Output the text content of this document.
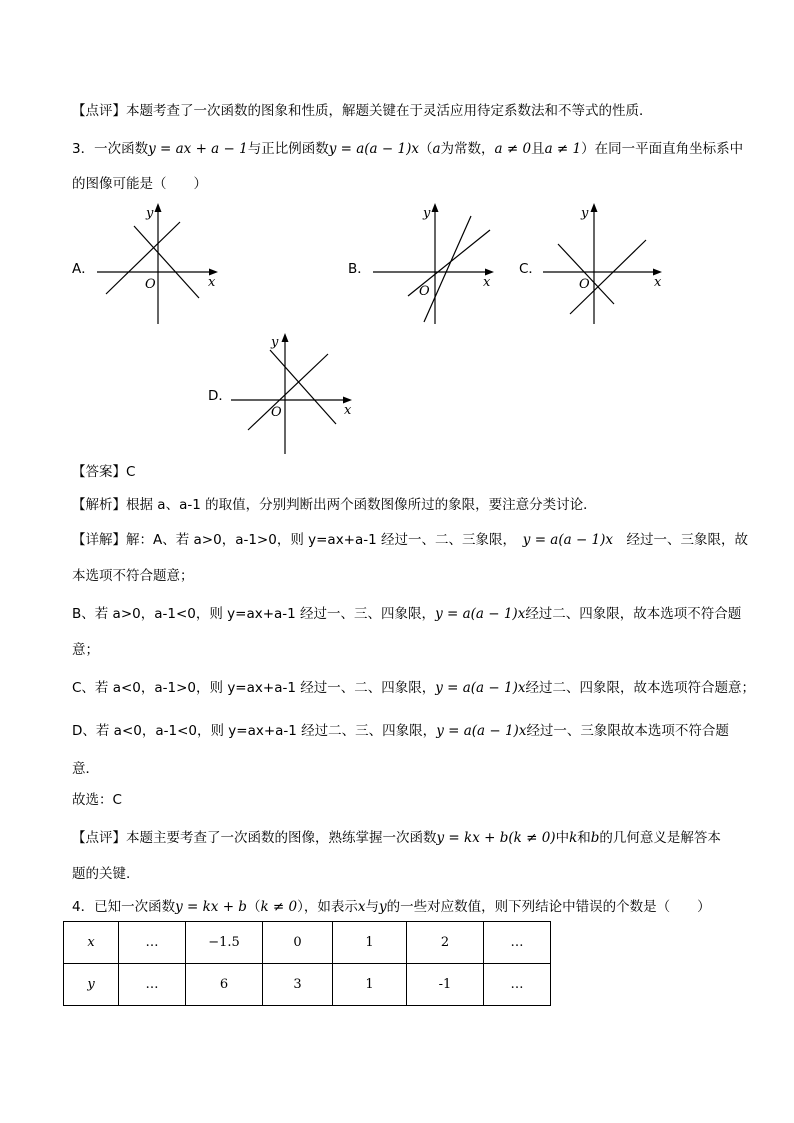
【点评】本题考查了一次函数的图象和性质，解题关键在于灵活应用待定系数法和不等式的性质．
3．一次函数y = ax + a − 1与正比例函数y = a(a − 1)x（a为常数，a ≠ 0且a ≠ 1）在同一平面直角坐标系中
的图像可能是（　　）
A．
y
x
O
B．
y
x
O
C．
y
x
O
D．
y
x
O
【答案】C
【解析】根据 a、a-1 的取值，分别判断出两个函数图像所过的象限，要注意分类讨论．
【详解】解：A、若 a>0，a-1>0，则 y=ax+a-1 经过一、二、三象限，　 y = a(a − 1)x　 经过一、三象限，故
本选项不符合题意；
B、若 a>0，a-1<0，则 y=ax+a-1 经过一、三、四象限，y = a(a − 1)x经过二、四象限，故本选项不符合题
意；
C、若 a<0，a-1>0，则 y=ax+a-1 经过一、二、四象限，y = a(a − 1)x经过二、四象限，故本选项符合题意；
D、若 a<0，a-1<0，则 y=ax+a-1 经过二、三、四象限，y = a(a − 1)x经过一、三象限故本选项不符合题
意．
故选：C
【点评】本题主要考查了一次函数的图像，熟练掌握一次函数y = kx + b(k ≠ 0)中k和b的几何意义是解答本
题的关键.
4．已知一次函数y = kx + b（k ≠ 0），如表示x与y的一些对应数值，则下列结论中错误的个数是（　　）
x	…	−1.5	0	1	2	…
y	…	6	3	1	-1	…
